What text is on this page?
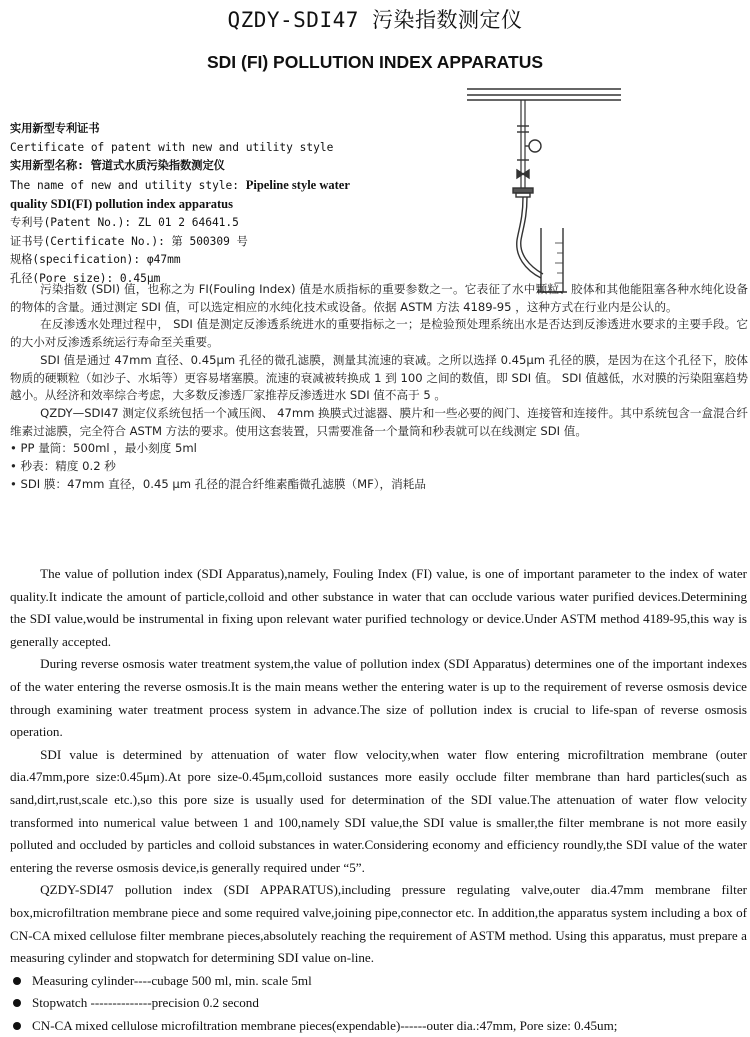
QZDY-SDI47 污染指数测定仪
SDI (FI) POLLUTION INDEX APPARATUS
实用新型专利证书
Certificate of patent with new and utility style
实用新型名称: 管道式水质污染指数测定仪
The name of new and utility style: Pipeline style water
quality SDI(FI) pollution index apparatus
专利号(Patent No.): ZL 01 2 64641.5
证书号(Certificate No.): 第 500309 号
规格(specification): φ47mm
孔径(Pore size): 0.45μm

污染指数 (SDI) 值，也称之为 FI(Fouling Index) 值是水质指标的重要参数之一。它表征了水中颗粒、胶体和其他能阻塞各种水纯化设备的物体的含量。通过测定 SDI 值，可以选定相应的水纯化技术或设备。依据 ASTM 方法 4189-95 ，这种方式在行业内是公认的。

在反渗透水处理过程中， SDI 值是测定反渗透系统进水的重要指标之一；是检验预处理系统出水是否达到反渗透进水要求的主要手段。它的大小对反渗透系统运行寿命至关重要。

SDI 值是通过 47mm 直径、0.45μm 孔径的微孔滤膜，测量其流速的衰减。之所以选择 0.45μm 孔径的膜，是因为在这个孔径下，胶体物质的硬颗粒（如沙子、水垢等）更容易堵塞膜。流速的衰减被转换成 1 到 100 之间的数值，即 SDI 值。 SDI 值越低，水对膜的污染阻塞趋势越小。从经济和效率综合考虑，大多数反渗透厂家推荐反渗透进水 SDI 值不高于 5 。

QZDY—SDI47 测定仪系统包括一个减压阀、 47mm 换膜式过滤器、膜片和一些必要的阀门、连接管和连接件。其中系统包含一盒混合纤维素过滤膜，完全符合 ASTM 方法的要求。使用这套装置，只需要准备一个量筒和秒表就可以在线测定 SDI 值。

• PP 量筒：500ml ，最小刻度 5ml

• 秒表：精度 0.2 秒

• SDI 膜：47mm 直径，0.45 μm 孔径的混合纤维素酯微孔滤膜（MF），消耗品

The value of pollution index (SDI Apparatus),namely, Fouling Index (FI) value, is one of important parameter to the index of water quality.It indicate the amount of particle,colloid and other substance in water that can occlude various water purified devices.Determining the SDI value,would be instrumental in fixing upon relevant water purified technology or device.Under ASTM method 4189-95,this way is generally accepted.

During reverse osmosis water treatment system,the value of pollution index (SDI Apparatus) determines one of the important indexes of the water entering the reverse osmosis.It is the main means wether the entering water is up to the requirement of reverse osmosis device through examining water treatment process system in advance.The size of pollution index is crucial to life-span of reverse osmosis operation.

SDI value is determined by attenuation of water flow velocity,when water flow entering microfiltration membrane (outer dia.47mm,pore size:0.45μm).At pore size-0.45μm,colloid sustances more easily occlude filter membrane than hard particles(such as sand,dirt,rust,scale etc.),so this pore size is usually used for determination of the SDI value.The attenuation of water flow velocity transformed into numerical value between 1 and 100,namely SDI value,the SDI value is smaller,the filter membrane is not more easily polluted and occluded by particles and colloid substances in water.Considering economy and efficiency roundly,the SDI value of the water entering the reverse osmosis device,is generally required under “5”.

QZDY-SDI47 pollution index (SDI APPARATUS),including pressure regulating valve,outer dia.47mm membrane filter box,microfiltration membrane piece and some required valve,joining pipe,connector etc. In addition,the apparatus system including a box of CN-CA mixed cellulose filter membrane pieces,absolutely reaching the requirement of ASTM method. Using this apparatus, must prepare a measuring cylinder and stopwatch for determining SDI value on-line.

Measuring cylinder----cubage 500 ml, min. scale 5ml

Stopwatch --------------precision 0.2 second

CN-CA mixed cellulose microfiltration membrane pieces(expendable)------outer dia.:47mm, Pore size: 0.45um;
